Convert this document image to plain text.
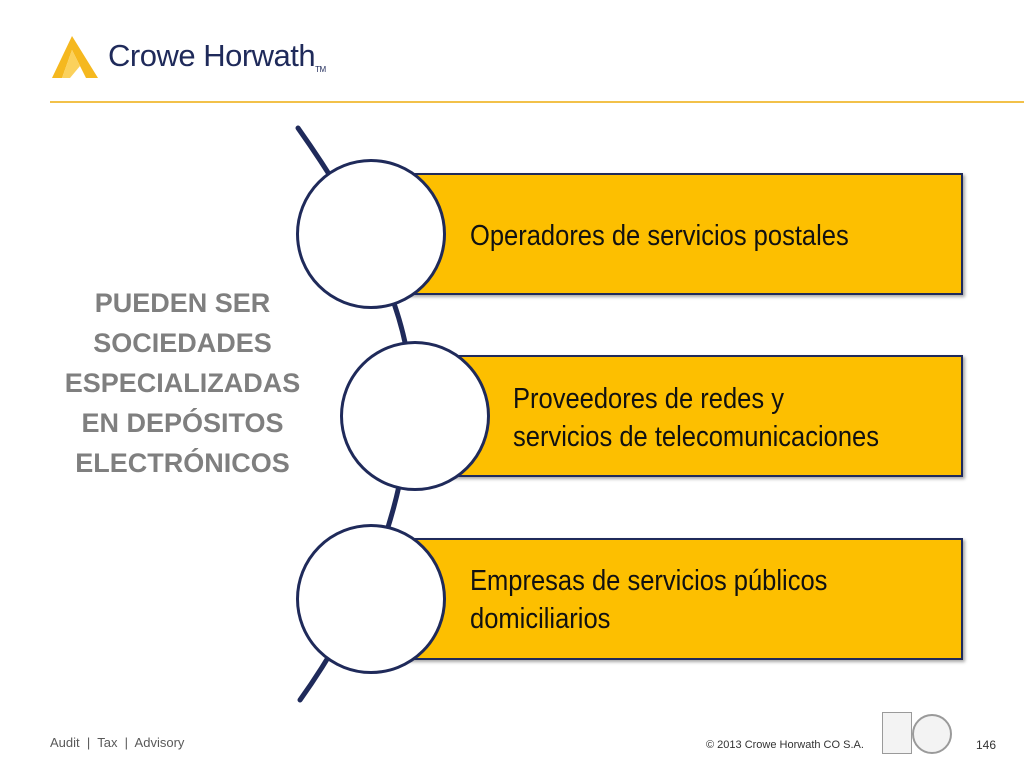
Crowe HorwathTM
PUEDEN SER
SOCIEDADES
ESPECIALIZADAS
EN DEPÓSITOS
ELECTRÓNICOS
Operadores de servicios postales
Proveedores de redes y
servicios de telecomunicaciones
Empresas de servicios públicos
domiciliarios
Audit  |  Tax  |  Advisory	© 2013 Crowe Horwath CO S.A.	146
